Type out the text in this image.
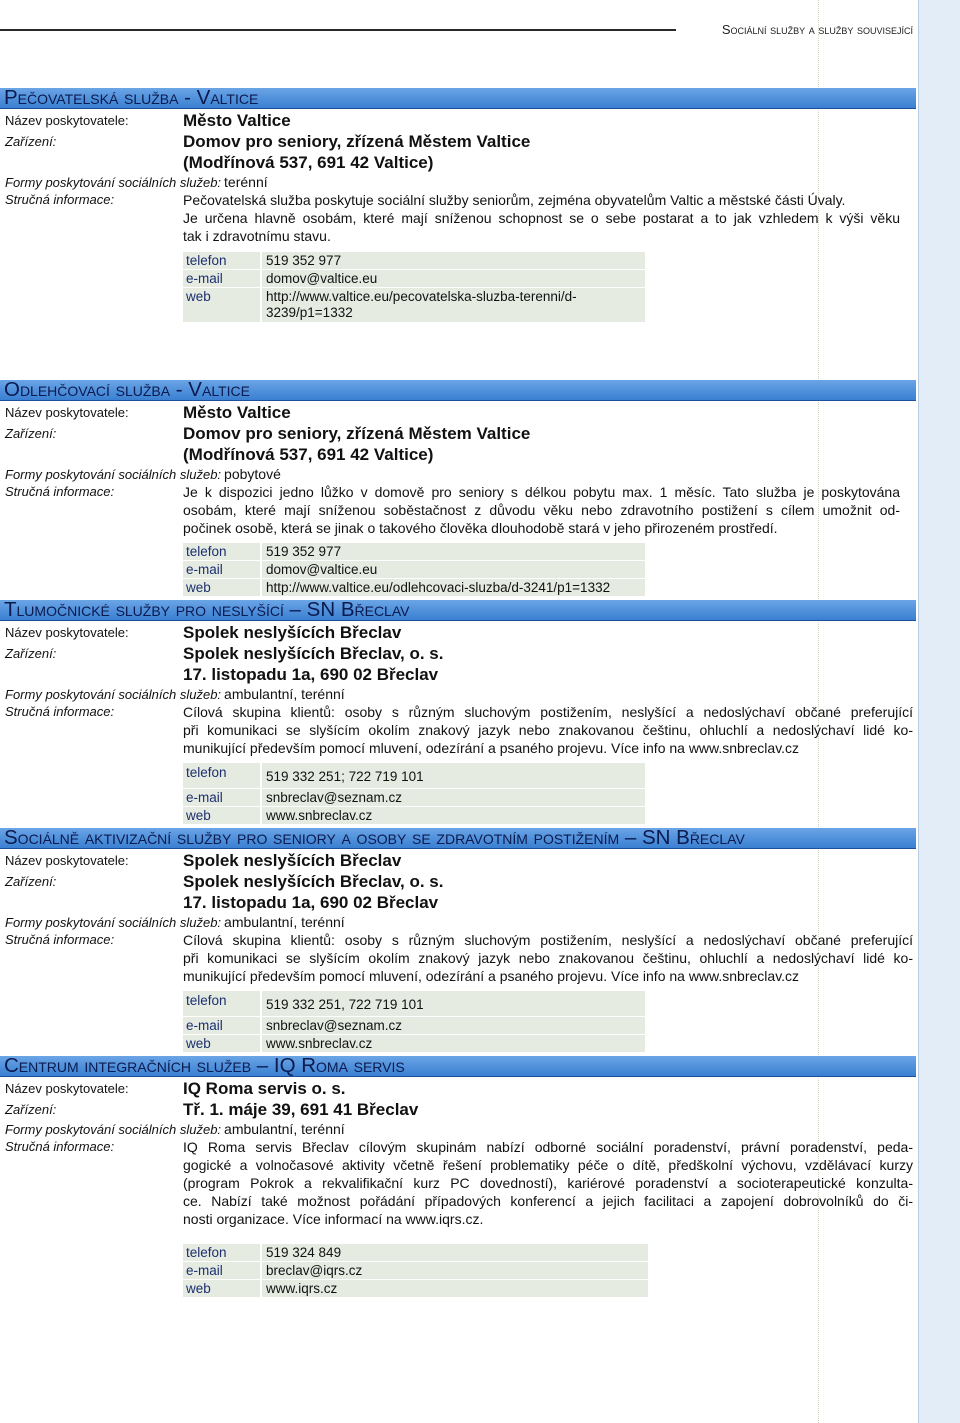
Sociální služby a služby související
Pečovatelská služba - Valtice
Název poskytovatele:	Město Valtice
Zařízení:	Domov pro seniory, zřízená Městem Valtice
(Modřínová 537, 691 42 Valtice)
Formy poskytování sociálních služeb: terénní
Stručná informace:	Pečovatelská služba poskytuje sociální služby seniorům, zejména obyvatelům Valtic a městské části Úvaly.
Je určena hlavně osobám, které mají sníženou schopnost se o sebe postarat a to jak vzhledem k výši věku
tak i zdravotnímu stavu.
telefon	519 352 977
e-mail	domov@valtice.eu
web	http://www.valtice.eu/pecovatelska-sluzba-terenni/d-
3239/p1=1332
Odlehčovací služba - Valtice
Název poskytovatele:	Město Valtice
Zařízení:	Domov pro seniory, zřízená Městem Valtice
(Modřínová 537, 691 42 Valtice)
Formy poskytování sociálních služeb: pobytové
Stručná informace:	Je k dispozici jedno lůžko v domově pro seniory s délkou pobytu max. 1 měsíc. Tato služba je poskytována
osobám, které mají sníženou soběstačnost z důvodu věku nebo zdravotního postižení s cílem umožnit od-
počinek osobě, která se jinak o takového člověka dlouhodobě stará v jeho přirozeném prostředí.
telefon	519 352 977
e-mail	domov@valtice.eu
web	http://www.valtice.eu/odlehcovaci-sluzba/d-3241/p1=1332
Tlumočnické služby pro neslyšící – SN Břeclav
Název poskytovatele:	Spolek neslyšících Břeclav
Zařízení:	Spolek neslyšících Břeclav, o. s.
17. listopadu 1a, 690 02 Břeclav
Formy poskytování sociálních služeb: ambulantní, terénní
Stručná informace:	Cílová skupina klientů: osoby s různým sluchovým postižením, neslyšící a nedoslýchaví občané preferující
při komunikaci se slyšícím okolím znakový jazyk nebo znakovanou češtinu, ohluchlí a nedoslýchaví lidé ko-
munikující především pomocí mluvení, odezírání a psaného projevu. Více info na www.snbreclav.cz
telefon	519 332 251; 722 719 101
e-mail	snbreclav@seznam.cz
web	www.snbreclav.cz
Sociálně aktivizační služby pro seniory a osoby se zdravotním postižením – SN Břeclav
Název poskytovatele:	Spolek neslyšících Břeclav
Zařízení:	Spolek neslyšících Břeclav, o. s.
17. listopadu 1a, 690 02 Břeclav
Formy poskytování sociálních služeb: ambulantní, terénní
Stručná informace:	Cílová skupina klientů: osoby s různým sluchovým postižením, neslyšící a nedoslýchaví občané preferující
při komunikaci se slyšícím okolím znakový jazyk nebo znakovanou češtinu, ohluchlí a nedoslýchaví lidé ko-
munikující především pomocí mluvení, odezírání a psaného projevu. Více info na www.snbreclav.cz
telefon	519 332 251, 722 719 101
e-mail	snbreclav@seznam.cz
web	www.snbreclav.cz
Centrum integračních služeb – IQ Roma servis
Název poskytovatele:	IQ Roma servis o. s.
Zařízení:	Tř. 1. máje 39, 691 41 Břeclav
Formy poskytování sociálních služeb: ambulantní, terénní
Stručná informace:	IQ Roma servis Břeclav cílovým skupinám nabízí odborné sociální poradenství, právní poradenství, peda-
gogické a volnočasové aktivity včetně řešení problematiky péče o dítě, předškolní výchovu, vzdělávací kurzy
(program Pokrok a rekvalifikační kurz PC dovedností), kariérové poradenství a socioterapeutické konzulta-
ce. Nabízí také možnost pořádání případových konferencí a jejich facilitaci a zapojení dobrovolníků do či-
nosti organizace. Více informací na www.iqrs.cz.
telefon	519 324 849
e-mail	breclav@iqrs.cz
web	www.iqrs.cz
